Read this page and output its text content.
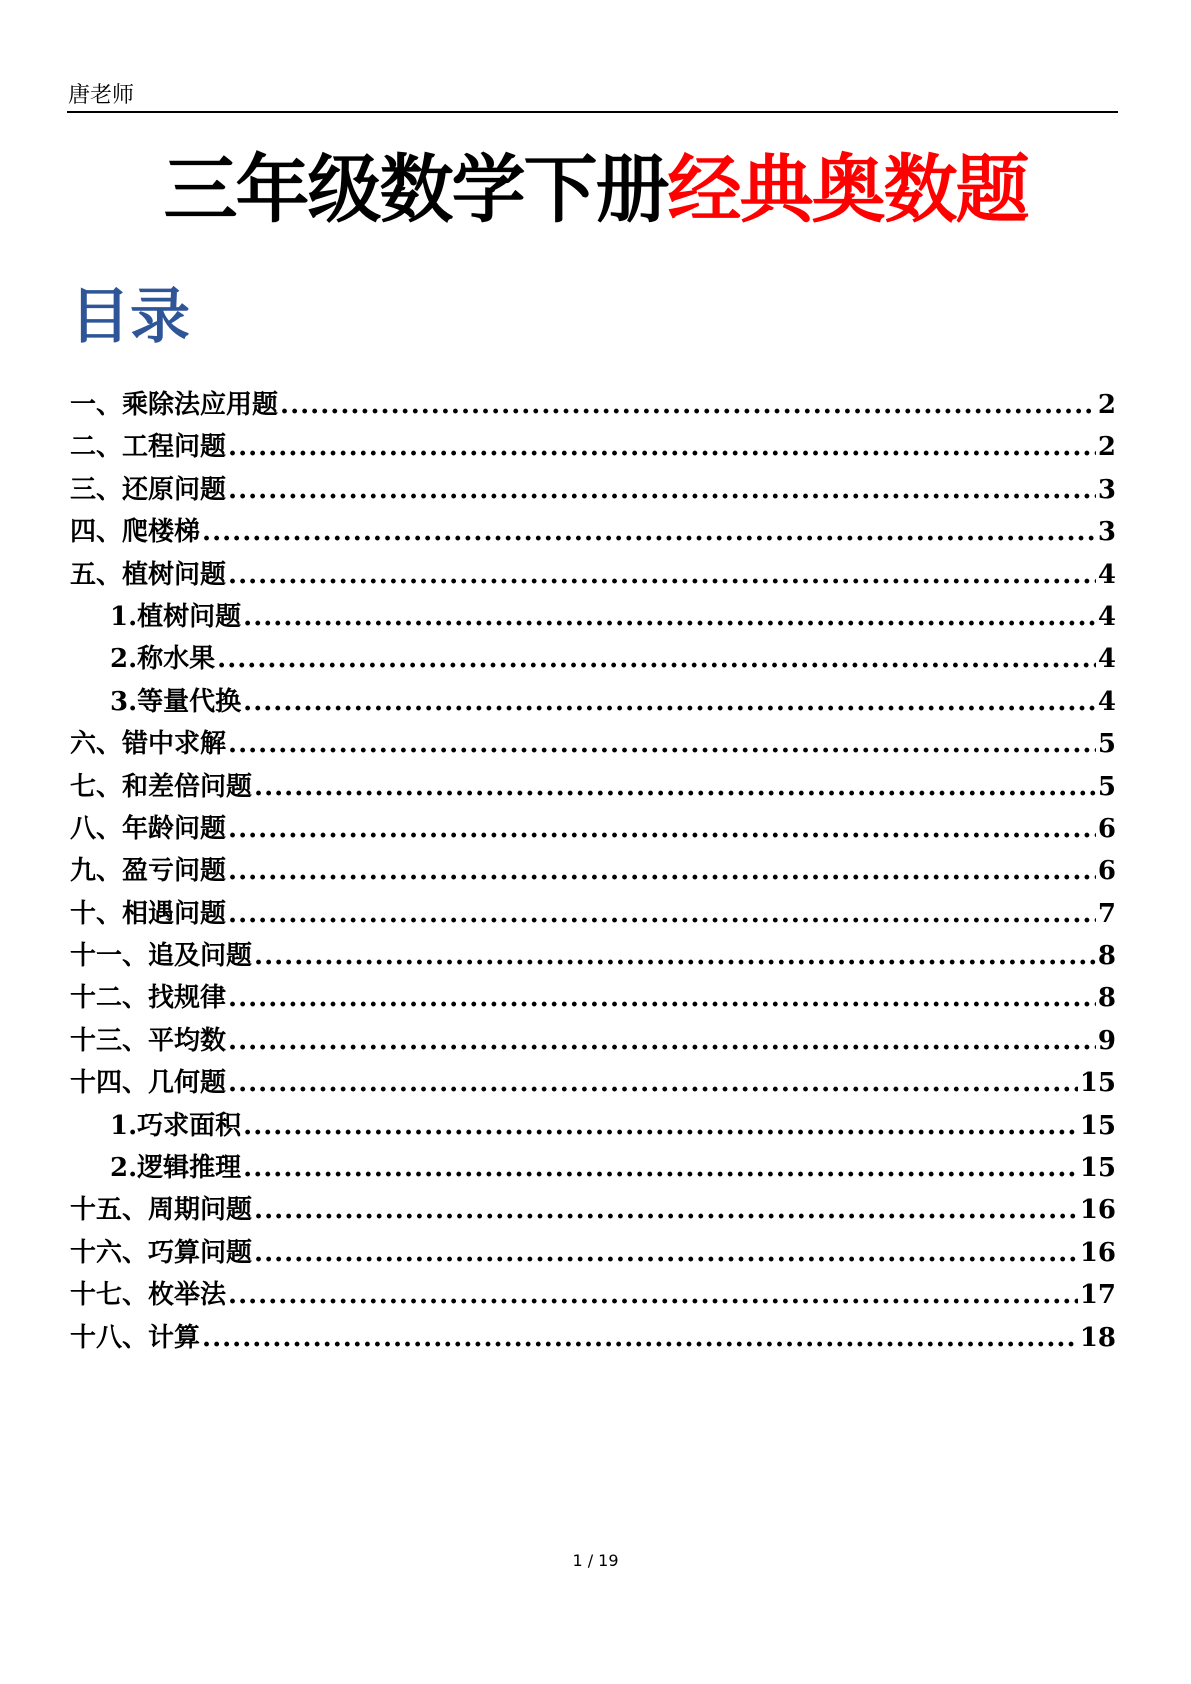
唐老师
三年级数学下册经典奥数题
目录
一、乘除法应用题 .....	2
二、工程问题 .....	2
三、还原问题 .....	3
四、爬楼梯 .....	3
五、植树问题 .....	4
1.植树问题 .....	4
2.称水果 .....	4
3.等量代换 .....	4
六、错中求解 .....	5
七、和差倍问题 .....	5
八、年龄问题 .....	6
九、盈亏问题 .....	6
十、相遇问题 .....	7
十一、追及问题 .....	8
十二、找规律 .....	8
十三、平均数 .....	9
十四、几何题 .....	15
1.巧求面积 .....	15
2.逻辑推理 .....	15
十五、周期问题 .....	16
十六、巧算问题 .....	16
十七、枚举法 .....	17
十八、计算 .....	18
1 / 19
